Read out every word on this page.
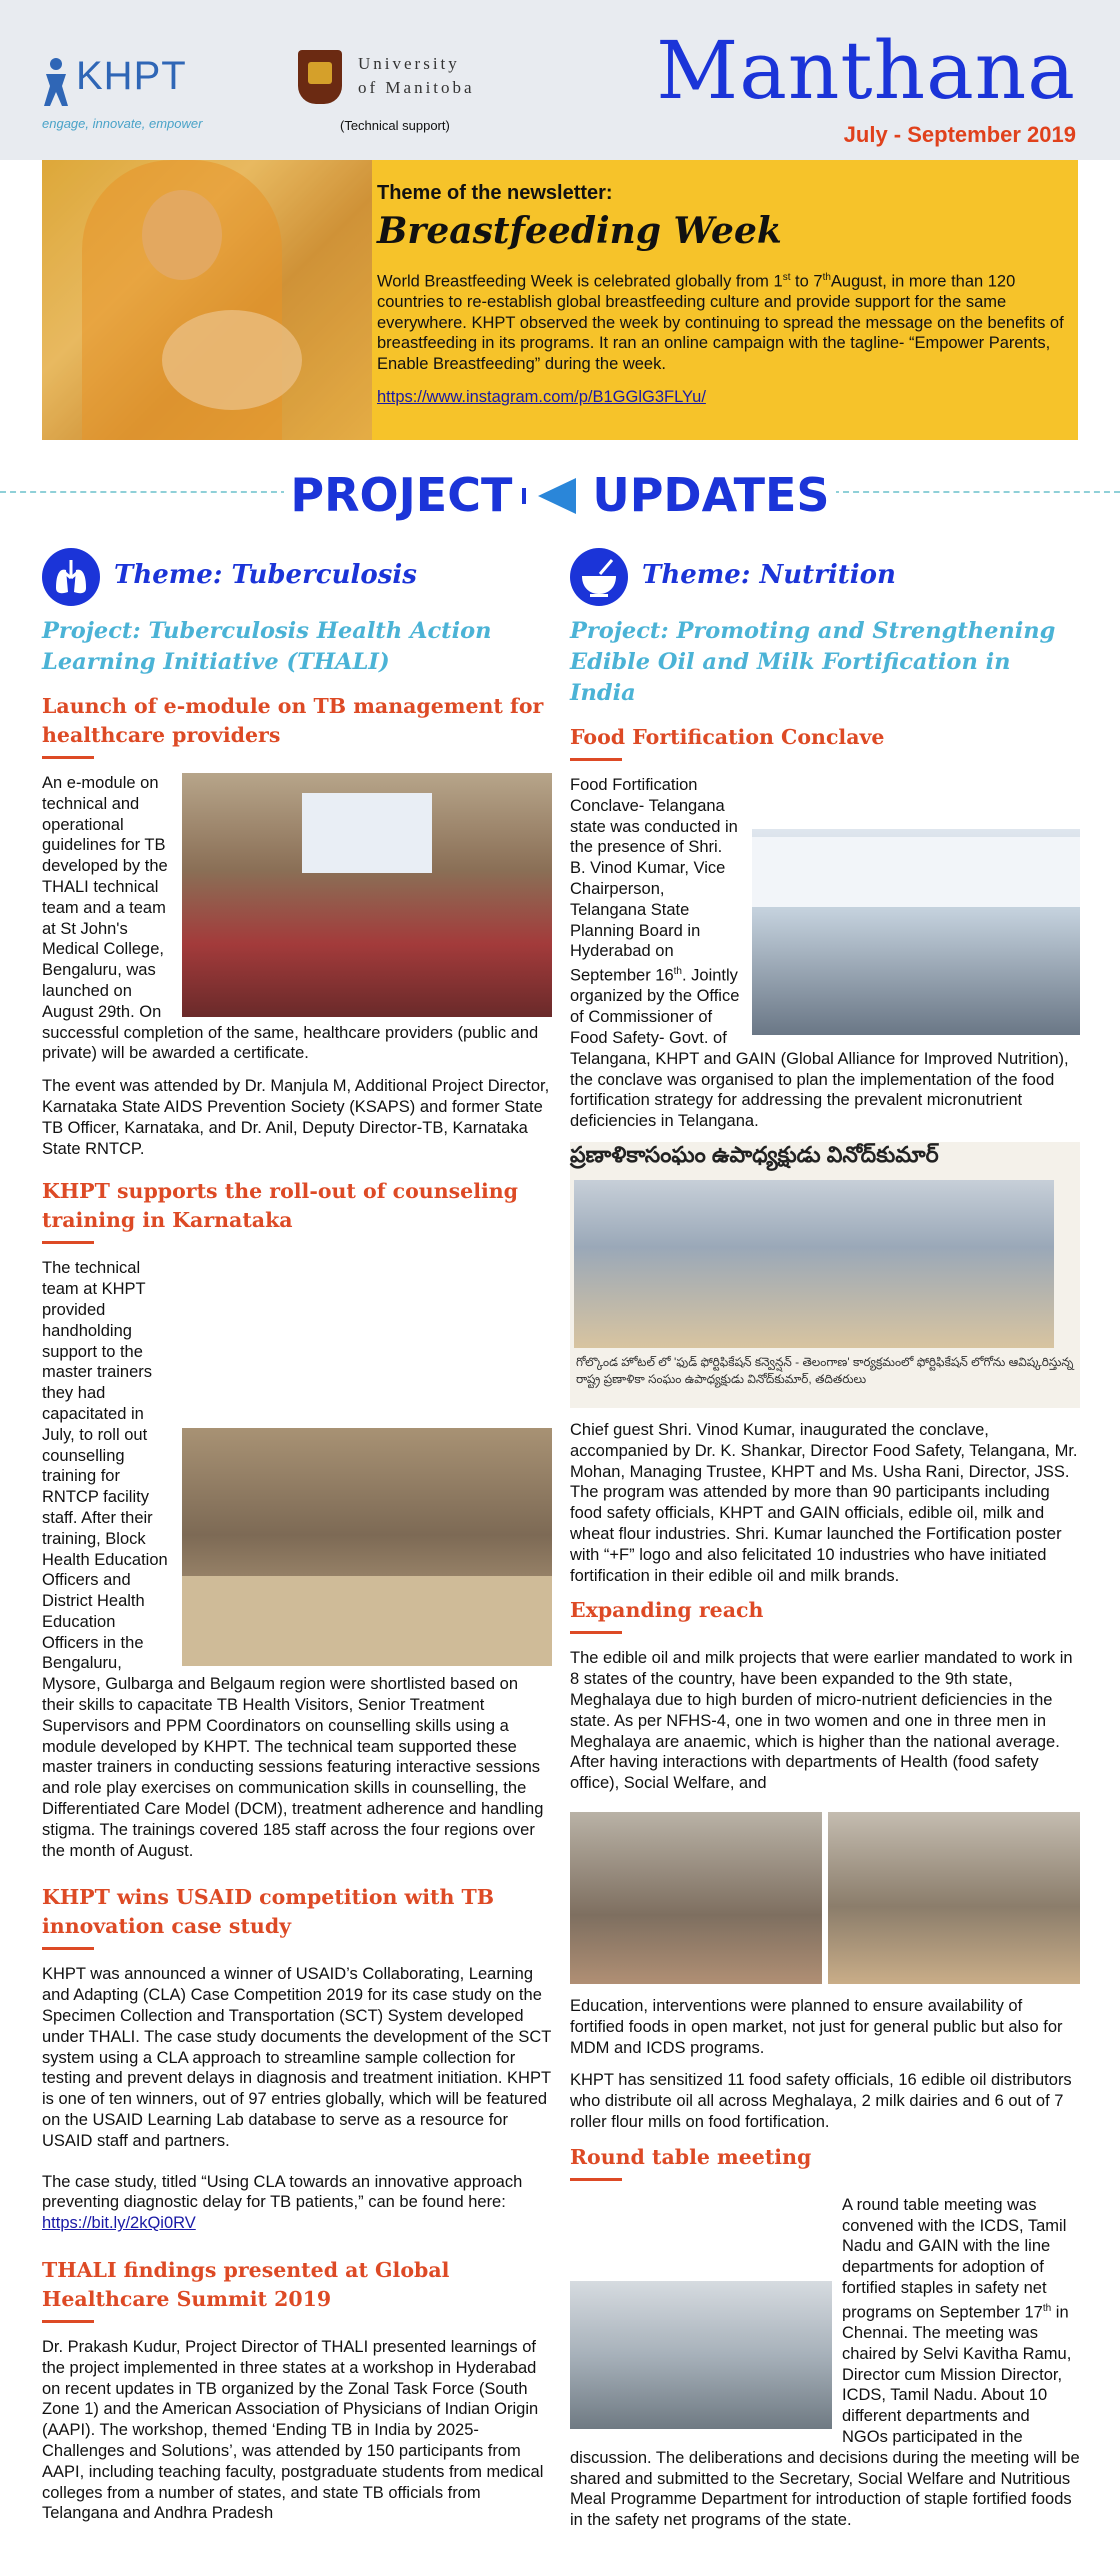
KHPT
engage, innovate, empower
University
of Manitoba
(Technical support)
Manthana
July - September 2019
Theme of the newsletter:
Breastfeeding Week
World Breastfeeding Week is celebrated globally from 1st to 7thAugust, in more than 120 countries to re-establish global breastfeeding culture and provide support for the same everywhere. KHPT observed the week by continuing to spread the message on the benefits of breastfeeding in its programs. It ran an online campaign with the tagline- “Empower Parents, Enable Breastfeeding” during the week.
https://www.instagram.com/p/B1GGlG3FLYu/
PROJECT UPDATES
Theme: Tuberculosis

Project: Tuberculosis Health Action Learning Initiative (THALI)

Launch of e-module on TB management for healthcare providers

An e-module on technical and operational guidelines for TB developed by the THALI technical team and a team at St John's Medical College, Bengaluru, was launched on August 29th. On successful completion of the same, healthcare providers (public and private) will be awarded a certificate.

The event was attended by Dr. Manjula M, Additional Project Director, Karnataka State AIDS Prevention Society (KSAPS) and former State TB Officer, Karnataka, and Dr. Anil, Deputy Director-TB, Karnataka State RNTCP.

KHPT supports the roll-out of counseling training in Karnataka

The technical team at KHPT provided handholding support to the master trainers they had capacitated in July, to roll out counselling training for RNTCP facility staff. After their training, Block Health Education Officers and District Health Education Officers in the Bengaluru, Mysore, Gulbarga and Belgaum region were shortlisted based on their skills to capacitate TB Health Visitors, Senior Treatment Supervisors and PPM Coordinators on counselling skills using a module developed by KHPT. The technical team supported these master trainers in conducting sessions featuring interactive sessions and role play exercises on communication skills in counselling, the Differentiated Care Model (DCM), treatment adherence and handling stigma. The trainings covered 185 staff across the four regions over the month of August.

KHPT wins USAID competition with TB innovation case study

KHPT was announced a winner of USAID’s Collaborating, Learning and Adapting (CLA) Case Competition 2019 for its case study on the Specimen Collection and Transportation (SCT) System developed under THALI. The case study documents the development of the SCT system using a CLA approach to streamline sample collection for testing and prevent delays in diagnosis and treatment initiation. KHPT is one of ten winners, out of 97 entries globally, which will be featured on the USAID Learning Lab database to serve as a resource for USAID staff and partners.

The case study, titled “Using CLA towards an innovative approach preventing diagnostic delay for TB patients,” can be found here: https://bit.ly/2kQi0RV

THALI findings presented at Global Healthcare Summit 2019

Dr. Prakash Kudur, Project Director of THALI presented learnings of the project implemented in three states at a workshop in Hyderabad on recent updates in TB organized by the Zonal Task Force (South Zone 1) and the American Association of Physicians of Indian Origin (AAPI). The workshop, themed ‘Ending TB in India by 2025- Challenges and Solutions’, was attended by 150 participants from AAPI, including teaching faculty, postgraduate students from medical colleges from a number of states, and state TB officials from Telangana and Andhra Pradesh

Theme: Nutrition

Project: Promoting and Strengthening Edible Oil and Milk Fortification in India

Food Fortification Conclave

Food Fortification Conclave- Telangana state was conducted in the presence of Shri. B. Vinod Kumar, Vice Chairperson, Telangana State Planning Board in Hyderabad on September 16th. Jointly organized by the Office of Commissioner of Food Safety- Govt. of Telangana, KHPT and GAIN (Global Alliance for Improved Nutrition), the conclave was organised to plan the implementation of the food fortification strategy for addressing the prevalent micronutrient deficiencies in Telangana.

ప్రణాళికాసంఘం ఉపాధ్యక్షుడు వినోద్‌కుమార్
గోల్కొండ హోటల్ లో 'ఫుడ్ ఫోర్టిఫికేషన్ కన్వెన్షన్ - తెలంగాణ' కార్యక్రమంలో ఫోర్టిఫికేషన్ లోగోను ఆవిష్కరిస్తున్న రాష్ట్ర ప్రణాళికా సంఘం ఉపాధ్యక్షుడు వినోద్‌కుమార్, తదితరులు

Chief guest Shri. Vinod Kumar, inaugurated the conclave, accompanied by Dr. K. Shankar, Director Food Safety, Telangana, Mr. Mohan, Managing Trustee, KHPT and Ms. Usha Rani, Director, JSS. The program was attended by more than 90 participants including food safety officials, KHPT and GAIN officials, edible oil, milk and wheat flour industries. Shri. Kumar launched the Fortification poster with “+F” logo and also felicitated 10 industries who have initiated fortification in their edible oil and milk brands.

Expanding reach

The edible oil and milk projects that were earlier mandated to work in 8 states of the country, have been expanded to the 9th state, Meghalaya due to high burden of micro-nutrient deficiencies in the state. As per NFHS-4, one in two women and one in three men in Meghalaya are anaemic, which is higher than the national average. After having interactions with departments of Health (food safety office), Social Welfare, and

Education, interventions were planned to ensure availability of fortified foods in open market, not just for general public but also for MDM and ICDS programs.

KHPT has sensitized 11 food safety officials, 16 edible oil distributors who distribute oil all across Meghalaya, 2 milk dairies and 6 out of 7 roller flour mills on food fortification.

Round table meeting

A round table meeting was convened with the ICDS, Tamil Nadu and GAIN with the line departments for adoption of fortified staples in safety net programs on September 17th in Chennai. The meeting was chaired by Selvi Kavitha Ramu, Director cum Mission Director, ICDS, Tamil Nadu. About 10 different departments and NGOs participated in the discussion. The deliberations and decisions during the meeting will be shared and submitted to the Secretary, Social Welfare and Nutritious Meal Programme Department for introduction of staple fortified foods in the safety net programs of the state.
